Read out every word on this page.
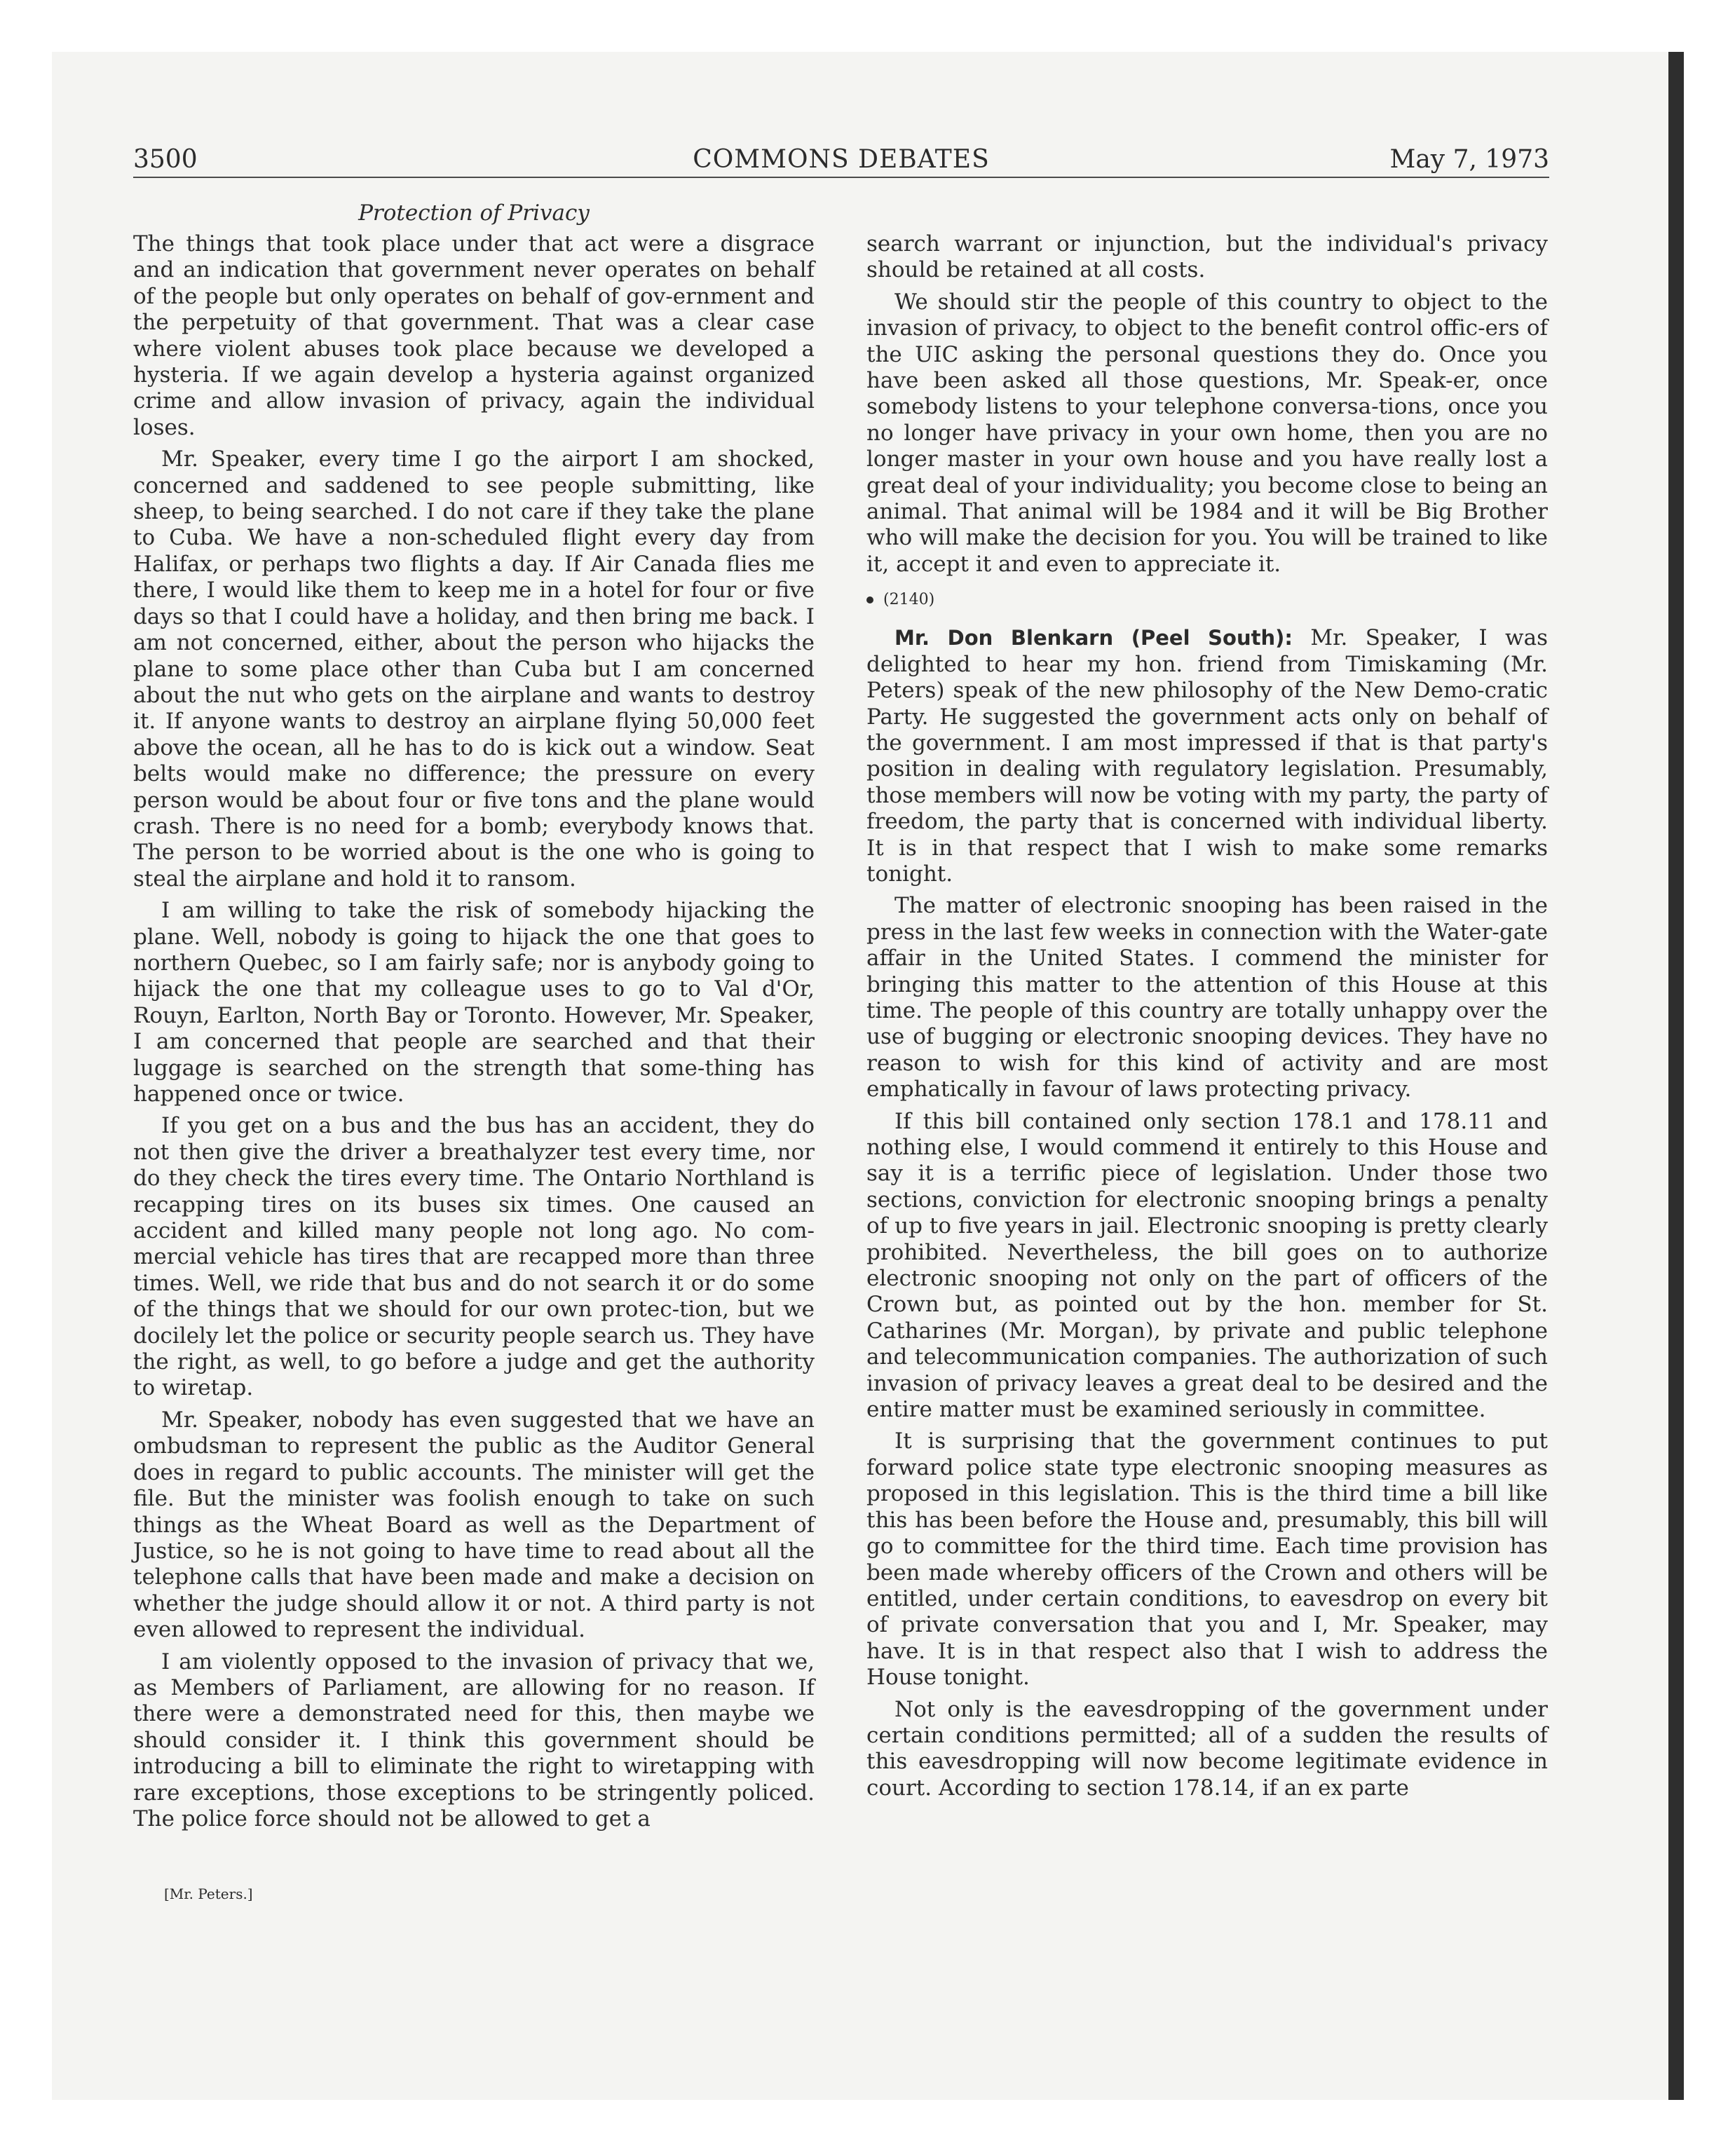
COMMONS DEBATES
3500	May 7, 1973
Protection of Privacy

The things that took place under that act were a disgrace and an indication that government never operates on behalf of the people but only operates on behalf of gov-ernment and the perpetuity of that government. That was a clear case where violent abuses took place because we developed a hysteria. If we again develop a hysteria against organized crime and allow invasion of privacy, again the individual loses.

Mr. Speaker, every time I go the airport I am shocked, concerned and saddened to see people submitting, like sheep, to being searched. I do not care if they take the plane to Cuba. We have a non-scheduled flight every day from Halifax, or perhaps two flights a day. If Air Canada flies me there, I would like them to keep me in a hotel for four or five days so that I could have a holiday, and then bring me back. I am not concerned, either, about the person who hijacks the plane to some place other than Cuba but I am concerned about the nut who gets on the airplane and wants to destroy it. If anyone wants to destroy an airplane flying 50,000 feet above the ocean, all he has to do is kick out a window. Seat belts would make no difference; the pressure on every person would be about four or five tons and the plane would crash. There is no need for a bomb; everybody knows that. The person to be worried about is the one who is going to steal the airplane and hold it to ransom.

I am willing to take the risk of somebody hijacking the plane. Well, nobody is going to hijack the one that goes to northern Quebec, so I am fairly safe; nor is anybody going to hijack the one that my colleague uses to go to Val d'Or, Rouyn, Earlton, North Bay or Toronto. However, Mr. Speaker, I am concerned that people are searched and that their luggage is searched on the strength that some-thing has happened once or twice.

If you get on a bus and the bus has an accident, they do not then give the driver a breathalyzer test every time, nor do they check the tires every time. The Ontario Northland is recapping tires on its buses six times. One caused an accident and killed many people not long ago. No com-mercial vehicle has tires that are recapped more than three times. Well, we ride that bus and do not search it or do some of the things that we should for our own protec-tion, but we docilely let the police or security people search us. They have the right, as well, to go before a judge and get the authority to wiretap.

Mr. Speaker, nobody has even suggested that we have an ombudsman to represent the public as the Auditor General does in regard to public accounts. The minister will get the file. But the minister was foolish enough to take on such things as the Wheat Board as well as the Department of Justice, so he is not going to have time to read about all the telephone calls that have been made and make a decision on whether the judge should allow it or not. A third party is not even allowed to represent the individual.

I am violently opposed to the invasion of privacy that we, as Members of Parliament, are allowing for no reason. If there were a demonstrated need for this, then maybe we should consider it. I think this government should be introducing a bill to eliminate the right to wiretapping with rare exceptions, those exceptions to be stringently policed. The police force should not be allowed to get a

search warrant or injunction, but the individual's privacy should be retained at all costs.

We should stir the people of this country to object to the invasion of privacy, to object to the benefit control offic-ers of the UIC asking the personal questions they do. Once you have been asked all those questions, Mr. Speak-er, once somebody listens to your telephone conversa-tions, once you no longer have privacy in your own home, then you are no longer master in your own house and you have really lost a great deal of your individuality; you become close to being an animal. That animal will be 1984 and it will be Big Brother who will make the decision for you. You will be trained to like it, accept it and even to appreciate it.

(2140)

Mr. Don Blenkarn (Peel South): Mr. Speaker, I was delighted to hear my hon. friend from Timiskaming (Mr. Peters) speak of the new philosophy of the New Demo-cratic Party. He suggested the government acts only on behalf of the government. I am most impressed if that is that party's position in dealing with regulatory legislation. Presumably, those members will now be voting with my party, the party of freedom, the party that is concerned with individual liberty. It is in that respect that I wish to make some remarks tonight.

The matter of electronic snooping has been raised in the press in the last few weeks in connection with the Water-gate affair in the United States. I commend the minister for bringing this matter to the attention of this House at this time. The people of this country are totally unhappy over the use of bugging or electronic snooping devices. They have no reason to wish for this kind of activity and are most emphatically in favour of laws protecting privacy.

If this bill contained only section 178.1 and 178.11 and nothing else, I would commend it entirely to this House and say it is a terrific piece of legislation. Under those two sections, conviction for electronic snooping brings a penalty of up to five years in jail. Electronic snooping is pretty clearly prohibited. Nevertheless, the bill goes on to authorize electronic snooping not only on the part of officers of the Crown but, as pointed out by the hon. member for St. Catharines (Mr. Morgan), by private and public telephone and telecommunication companies. The authorization of such invasion of privacy leaves a great deal to be desired and the entire matter must be examined seriously in committee.

It is surprising that the government continues to put forward police state type electronic snooping measures as proposed in this legislation. This is the third time a bill like this has been before the House and, presumably, this bill will go to committee for the third time. Each time provision has been made whereby officers of the Crown and others will be entitled, under certain conditions, to eavesdrop on every bit of private conversation that you and I, Mr. Speaker, may have. It is in that respect also that I wish to address the House tonight.

Not only is the eavesdropping of the government under certain conditions permitted; all of a sudden the results of this eavesdropping will now become legitimate evidence in court. According to section 178.14, if an ex parte

[Mr. Peters.]
